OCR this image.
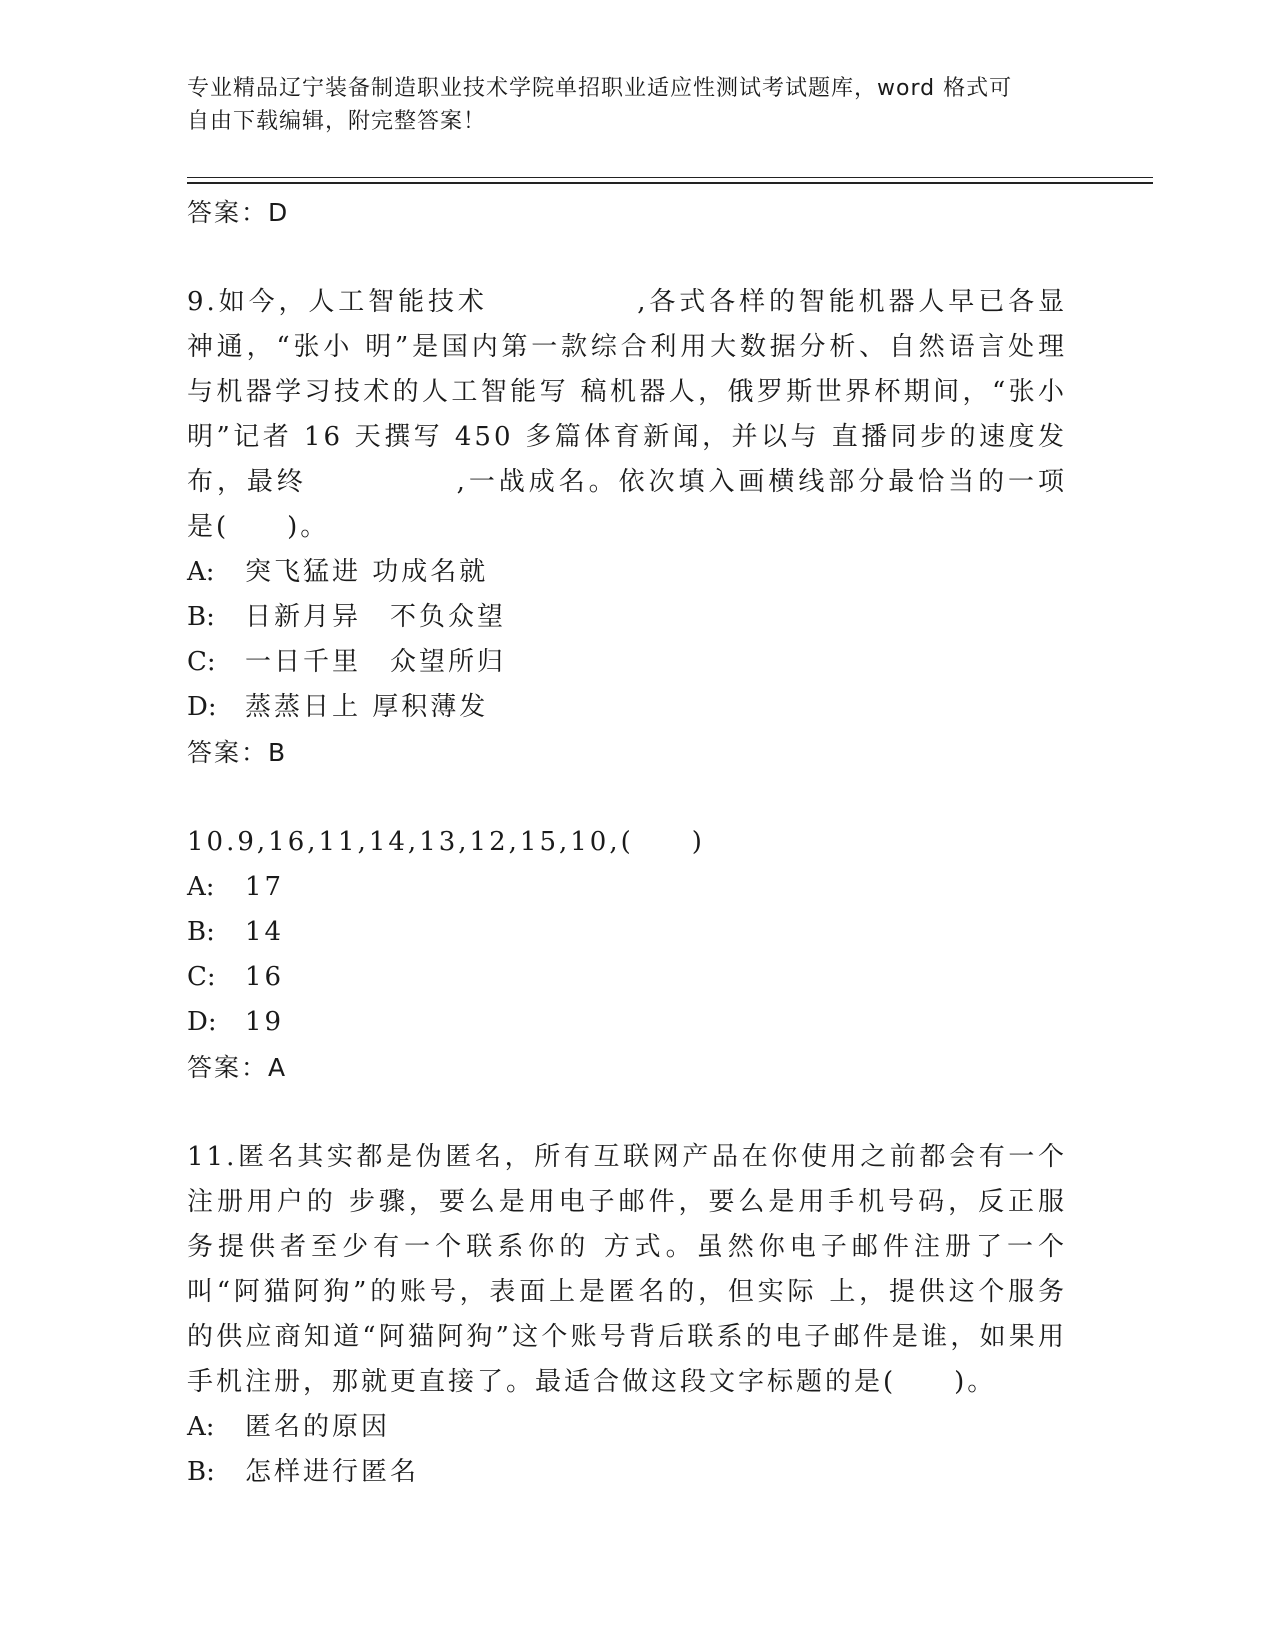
专业精品辽宁装备制造职业技术学院单招职业适应性测试考试题库，word 格式可
自由下载编辑，附完整答案！
答案：D

9.如今，人工智能技术　　　　　,各式各样的智能机器人早已各显神通，“张小 明”是国内第一款综合利用大数据分析、自然语言处理与机器学习技术的人工智能写 稿机器人，俄罗斯世界杯期间，“张小明”记者 16 天撰写 450 多篇体育新闻，并以与 直播同步的速度发布，最终　　　　　,一战成名。依次填入画横线部分最恰当的一项是(　　)。

A: 突飞猛进 功成名就
B: 日新月异　不负众望
C: 一日千里　众望所归
D: 蒸蒸日上 厚积薄发
答案：B

10.9,16,11,14,13,12,15,10,(　　)

A: 17
B: 14
C: 16
D: 19
答案：A

11.匿名其实都是伪匿名，所有互联网产品在你使用之前都会有一个注册用户的 步骤，要么是用电子邮件，要么是用手机号码，反正服务提供者至少有一个联系你的 方式。虽然你电子邮件注册了一个叫“阿猫阿狗”的账号，表面上是匿名的，但实际 上，提供这个服务的供应商知道“阿猫阿狗”这个账号背后联系的电子邮件是谁，如果用手机注册，那就更直接了。最适合做这段文字标题的是(　　)。

A: 匿名的原因
B: 怎样进行匿名
